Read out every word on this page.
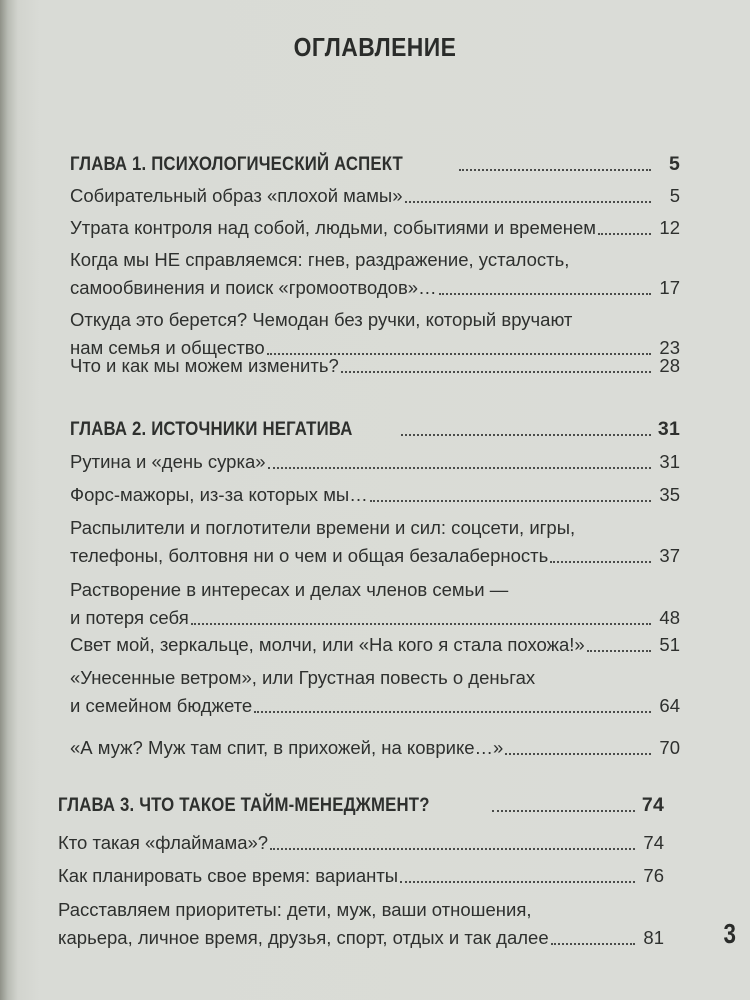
ОГЛАВЛЕНИЕ
ГЛАВА 1. ПСИХОЛОГИЧЕСКИЙ АСПЕКТ	5
Собирательный образ «плохой мамы»	5
Утрата контроля над собой, людьми, событиями и временем	12
Когда мы НЕ справляемся: гнев, раздражение, усталость,
самообвинения и поиск «громоотводов»…	17
Откуда это берется? Чемодан без ручки, который вручают
нам семья и общество	23
Что и как мы можем изменить?	28
ГЛАВА 2. ИСТОЧНИКИ НЕГАТИВА	31
Рутина и «день сурка»	31
Форс-мажоры, из-за которых мы…	35
Распылители и поглотители времени и сил: соцсети, игры,
телефоны, болтовня ни о чем и общая безалаберность	37
Растворение в интересах и делах членов семьи —
и потеря себя	48
Свет мой, зеркальце, молчи, или «На кого я стала похожа!»	51
«Унесенные ветром», или Грустная повесть о деньгах
и семейном бюджете	64
«А муж? Муж там спит, в прихожей, на коврике…»	70
ГЛАВА 3. ЧТО ТАКОЕ ТАЙМ-МЕНЕДЖМЕНТ?	74
Кто такая «флаймама»?	74
Как планировать свое время: варианты	76
Расставляем приоритеты: дети, муж, ваши отношения,
карьера, личное время, друзья, спорт, отдых и так далее	81 3
